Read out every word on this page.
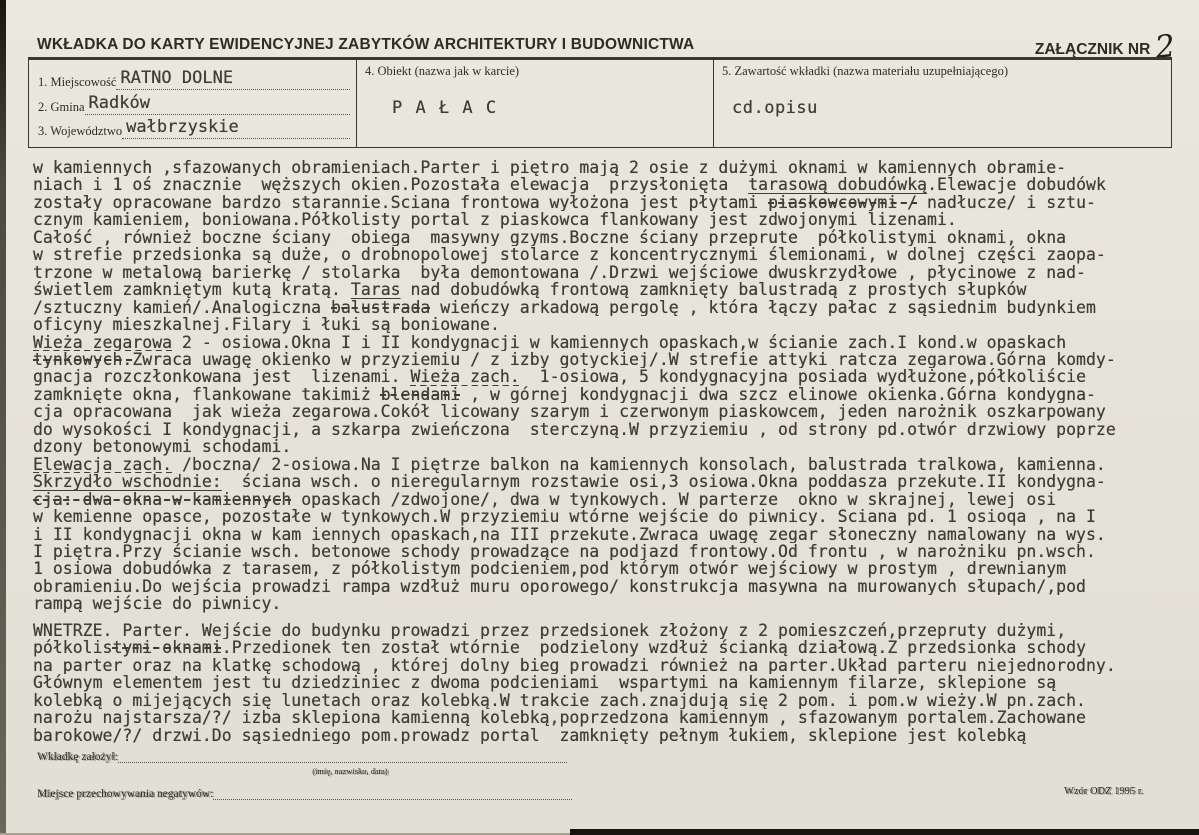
WKŁADKA DO KARTY EWIDENCYJNEJ ZABYTKÓW ARCHITEKTURY I BUDOWNICTWA	ZAŁĄCZNIK NR 2
1. Miejscowość RATNO DOLNE
2. Gmina Radków
3. Województwo wałbrzyskie
4. Obiekt (nazwa jak w karcie)
P A Ł A C
5. Zawartość wkładki (nazwa materiału uzupełniającego)
cd.opisu
w kamiennych ,sfazowanych obramieniach.Parter i piętro mają 2 osie z dużymi oknami w kamiennych obramie-
niach i 1 oś znacznie  węższych okien.Pozostała elewacja  przysłonięta  tarasową dobudówką.Elewacje dobudówk
zostały opracowane bardzo starannie.Sciana frontowa wyłożona jest płytami piaskowcowymi / nadłucze/ i sztu-
cznym kamieniem, boniowana.Półkolisty portal z piaskowca flankowany jest zdwojonymi lizenami.
Całość , również boczne ściany  obiega  masywny gzyms.Boczne ściany przeprute  półkolistymi oknami, okna
w strefie przedsionka są duże, o drobnopolowej stolarce z koncentrycznymi ślemionami, w dolnej części zaopa-
trzone w metalową barierkę / stolarka  była demontowana /.Drzwi wejściowe dwuskrzydłowe , płycinowe z nad-
świetlem zamkniętym kutą kratą. Taras nad dobudówką frontową zamknięty balustradą z prostych słupków
/sztuczny kamień/.Analogiczna balustrada wieńczy arkadową pergolę , która łączy pałac z sąsiednim budynkiem
oficyny mieszkalnej.Filary i łuki są boniowane.
Wieża zegarowa 2 - osiowa.Okna I i II kondygnacji w kamiennych opaskach,w ścianie zach.I kond.w opaskach
tynkowych.Zwraca uwagę okienko w przyziemiu / z izby gotyckiej/.W strefie attyki ratcza zegarowa.Górna komdy-
gnacja rozczłonkowana jest  lizenami. Wieża zach.  1-osiowa, 5 kondygnacyjna posiada wydłużone,półkoliście
zamknięte okna, flankowane takimiż blendami , w górnej kondygnacji dwa szcz elinowe okienka.Górna kondygna-
cja opracowana  jak wieża zegarowa.Cokół licowany szarym i czerwonym piaskowcem, jeden narożnik oszkarpowany
do wysokości I kondygnacji, a szkarpa zwieńczona  sterczyną.W przyziemiu , od strony pd.otwór drzwiowy poprze
dzony betonowymi schodami.
Elewacja zach. /boczna/ 2-osiowa.Na I piętrze balkon na kamiennych konsolach, balustrada tralkowa, kamienna.
Skrzydło wschodnie:  ściana wsch. o nieregularnym rozstawie osi,3 osiowa.Okna poddasza przekute.II kondygna-
cja: dwa okna w kamiennych opaskach /zdwojone/, dwa w tynkowych. W parterze  okno w skrajnej, lewej osi
w kemienne opasce, pozostałe w tynkowych.W przyziemiu wtórne wejście do piwnicy. Sciana pd. 1 osioqa , na I
i II kondygnacji okna w kam iennych opaskach,na III przekute.Zwraca uwagę zegar słoneczny namalowany na wys.
I piętra.Przy ścianie wsch. betonowe schody prowadzące na podjazd frontowy.Od frontu , w narożniku pn.wsch.
1 osiowa dobudówka z tarasem, z półkolistym podcieniem,pod którym otwór wejściowy w prostym , drewnianym
obramieniu.Do wejścia prowadzi rampa wzdłuż muru oporowego/ konstrukcja masywna na murowanych słupach/,pod
rampą wejście do piwnicy.
WNETRZE. Parter. Wejście do budynku prowadzi przez przedsionek złożony z 2 pomieszczeń,przepruty dużymi,
półkolistymi oknami.Przedionek ten został wtórnie  podzielony wzdłuż ścianką działową.Z przedsionka schody
na parter oraz na klatkę schodową , której dolny bieg prowadzi również na parter.Układ parteru niejednorodny.
Głównym elementem jest tu dziedziniec z dwoma podcieniami  wspartymi na kamiennym filarze, sklepione są
kolebką o mijejących się lunetach oraz kolebką.W trakcie zach.znajdują się 2 pom. i pom.w wieży.W pn.zach.
narożu najstarsza/?/ izba sklepiona kamienną kolebką,poprzedzona kamiennym , sfazowanym portalem.Zachowane
barokowe/?/ drzwi.Do sąsiedniego pom.prowadz portal  zamknięty pełnym łukiem, sklepione jest kolebką
Wkładkę założył:
(imię, nazwisko, data)
Miejsce przechowywania negatywów:	Wzór ODZ 1995 r.
